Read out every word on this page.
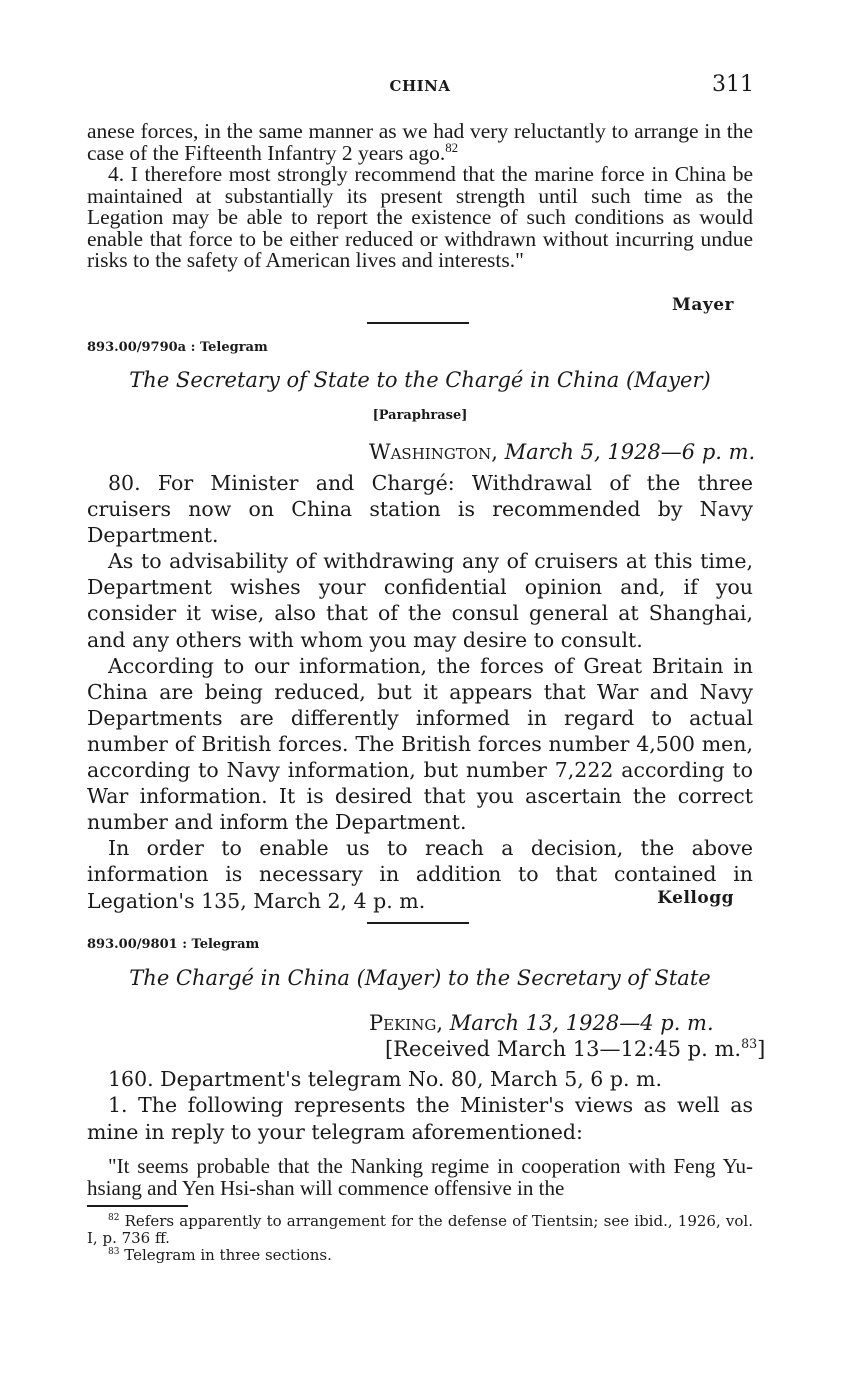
CHINA	311

anese forces, in the same manner as we had very reluctantly to arrange in the case of the Fifteenth Infantry 2 years ago.$^{82}$

4. I therefore most strongly recommend that the marine force in China be maintained at substantially its present strength until such time as the Legation may be able to report the existence of such conditions as would enable that force to be either reduced or withdrawn without incurring undue risks to the safety of American lives and interests."

Mayer
893.00/9790a : Telegram
The Secretary of State to the Chargé in China (Mayer)
[Paraphrase]
Washington, March 5, 1928—6 p. m.

80. For Minister and Chargé: Withdrawal of the three cruisers now on China station is recommended by Navy Department.

As to advisability of withdrawing any of cruisers at this time, Department wishes your confidential opinion and, if you consider it wise, also that of the consul general at Shanghai, and any others with whom you may desire to consult.

According to our information, the forces of Great Britain in China are being reduced, but it appears that War and Navy Departments are differently informed in regard to actual number of British forces. The British forces number 4,500 men, according to Navy information, but number 7,222 according to War information. It is desired that you ascertain the correct number and inform the Department.

In order to enable us to reach a decision, the above information is necessary in addition to that contained in Legation's 135, March 2, 4 p. m.	Kellogg
893.00/9801 : Telegram
The Chargé in China (Mayer) to the Secretary of State
Peking, March 13, 1928—4 p. m.
[Received March 13—12:45 p. m.$^{83}$]

160. Department's telegram No. 80, March 5, 6 p. m.

1. The following represents the Minister's views as well as mine in reply to your telegram aforementioned:

"It seems probable that the Nanking regime in cooperation with Feng Yu-hsiang and Yen Hsi-shan will commence offensive in the

$^{82}$ Refers apparently to arrangement for the defense of Tientsin; see ibid., 1926, vol. I, p. 736 ff.

$^{83}$ Telegram in three sections.
